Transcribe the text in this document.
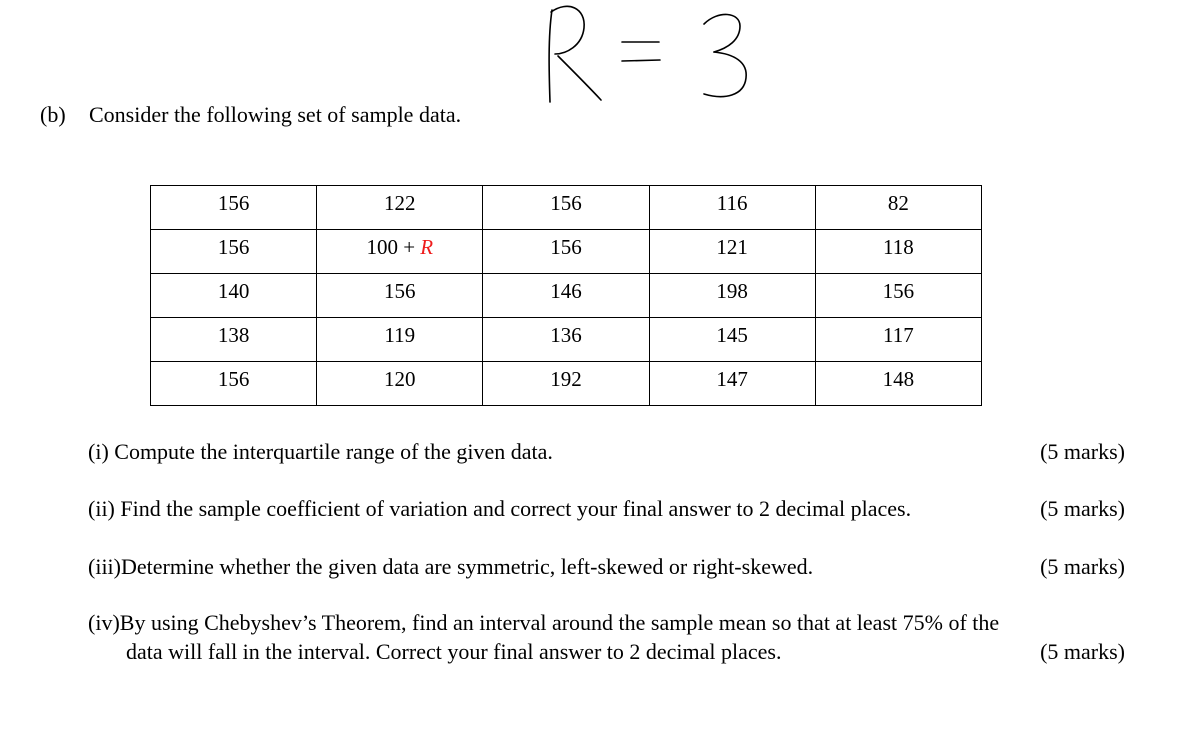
(b) Consider the following set of sample data.
156	122	156	116	82
156	100 + R	156	121	118
140	156	146	198	156
138	119	136	145	117
156	120	192	147	148
(i) Compute the interquartile range of the given data.	(5 marks)
(ii) Find the sample coefficient of variation and correct your final answer to 2 decimal places.	(5 marks)
(iii)Determine whether the given data are symmetric, left-skewed or right-skewed.	(5 marks)
(iv)By using Chebyshev’s Theorem, find an interval around the sample mean so that at least 75% of the
data will fall in the interval. Correct your final answer to 2 decimal places.	(5 marks)
